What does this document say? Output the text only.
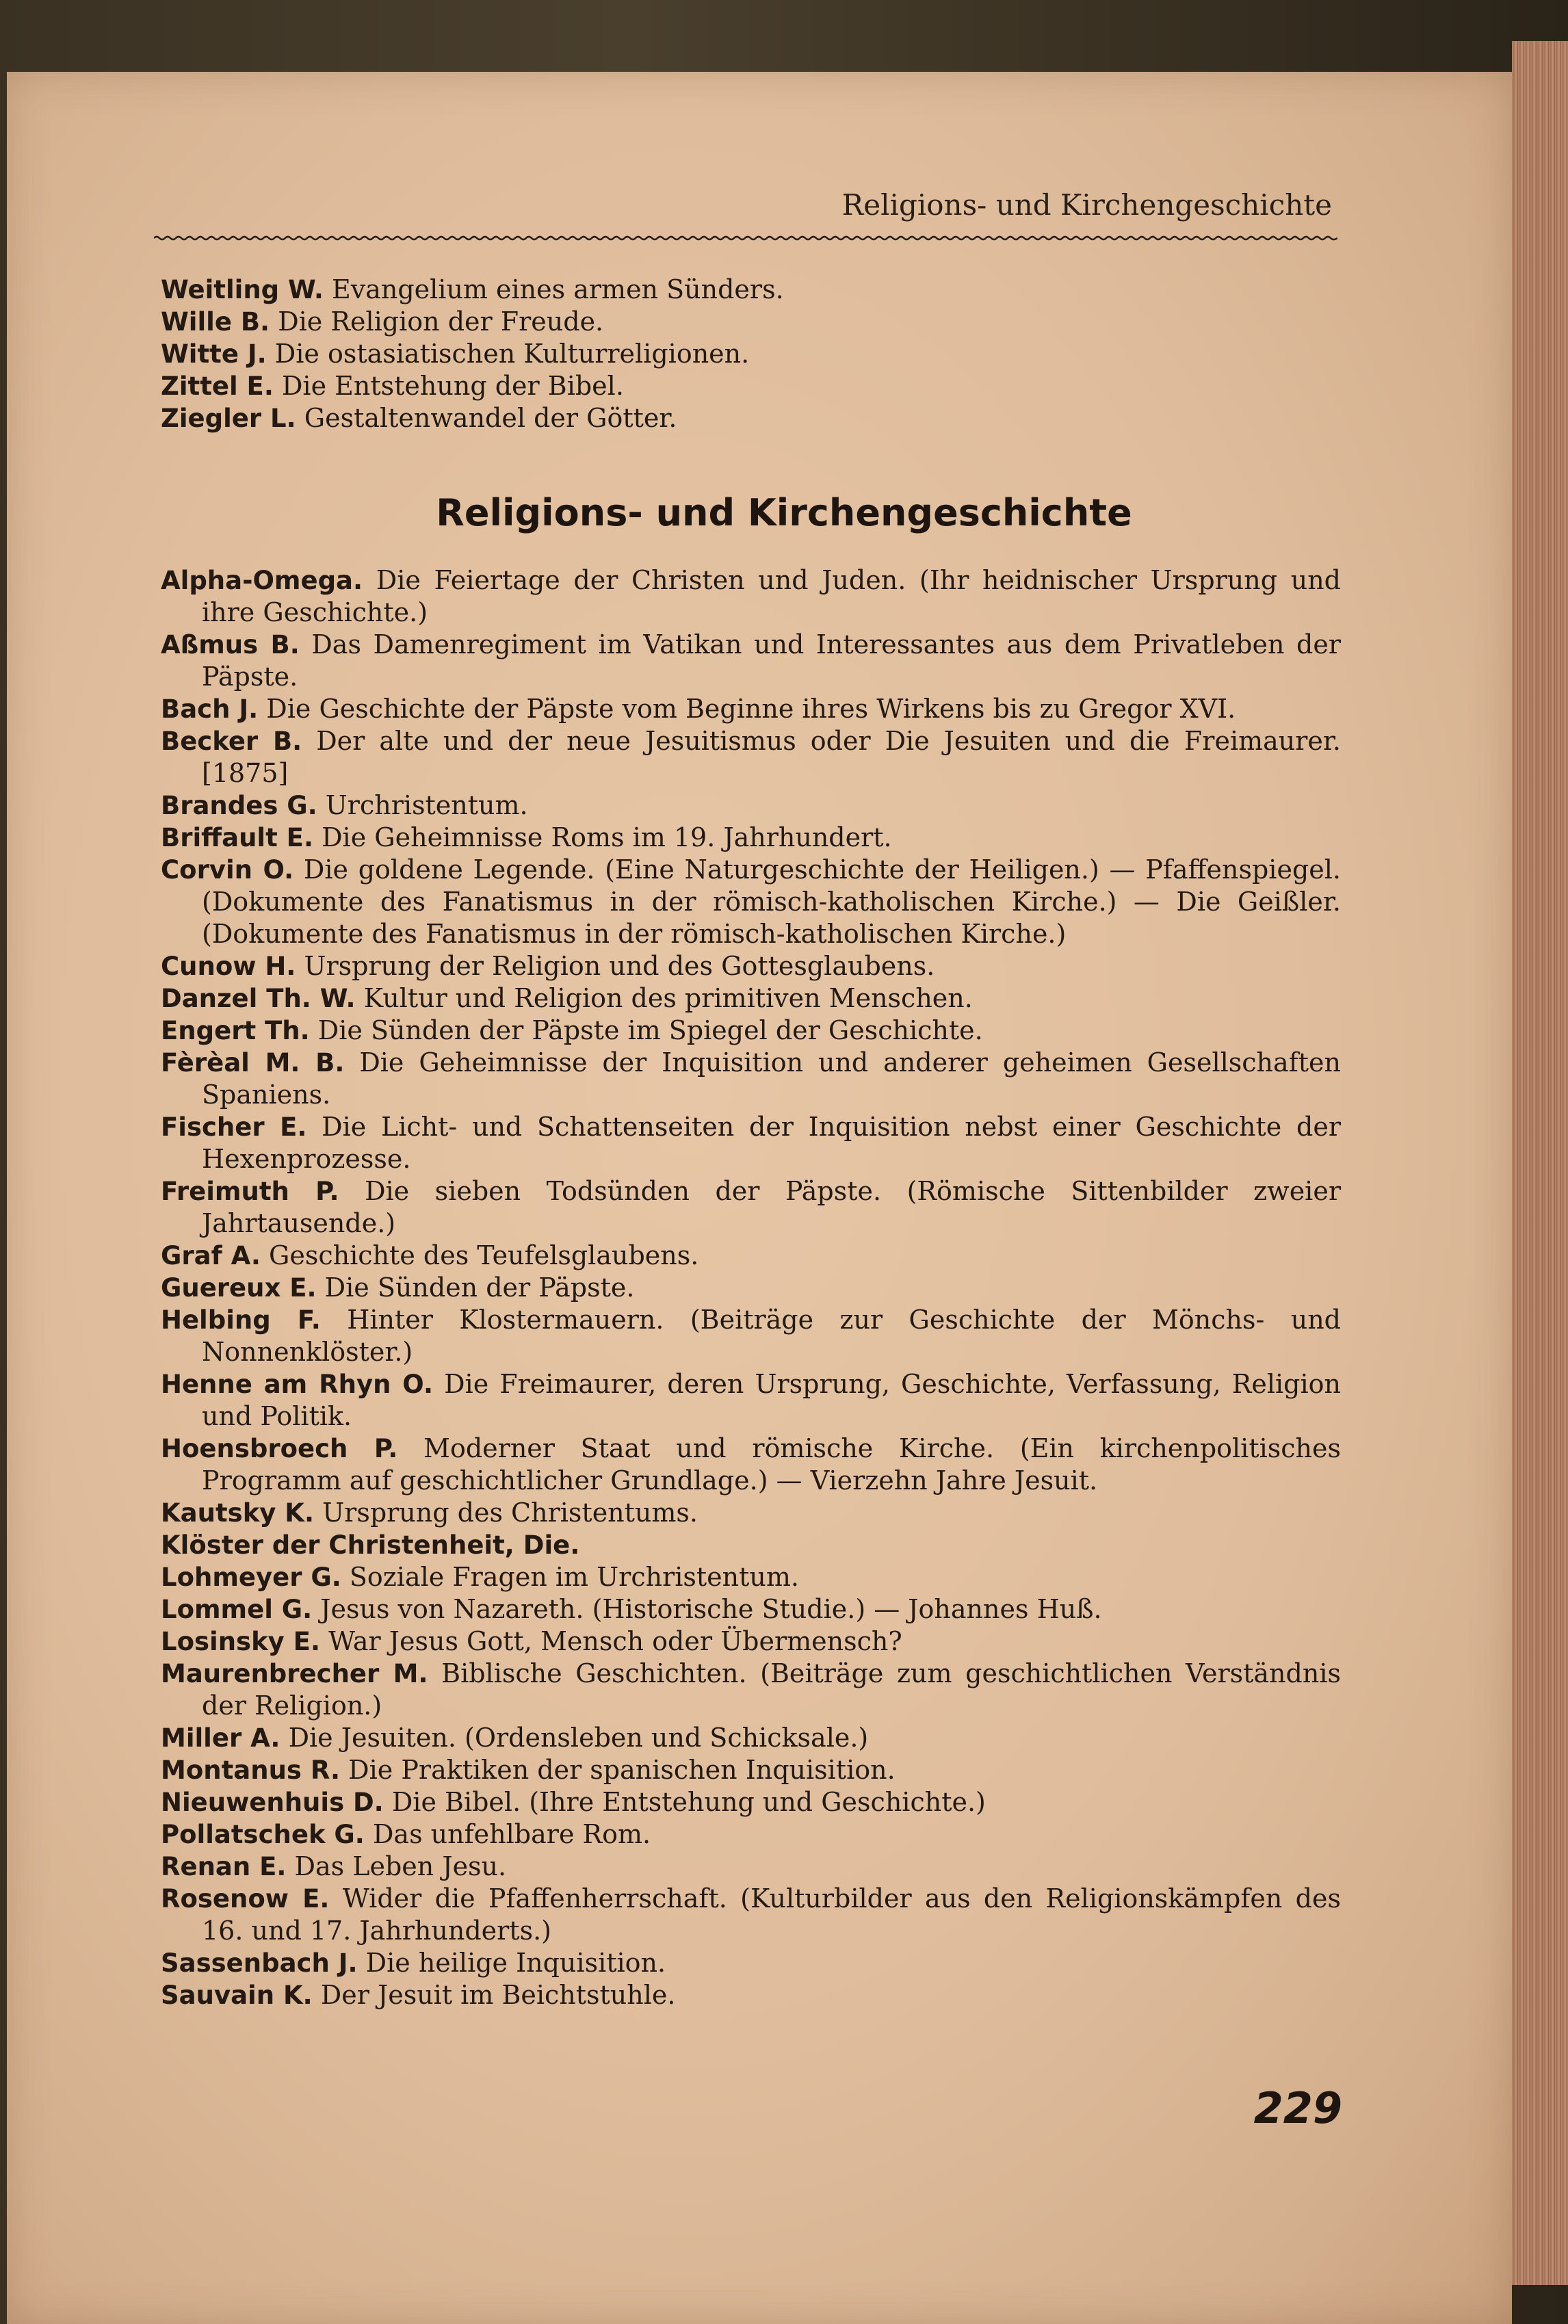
Religions- und Kirchengeschichte
Weitling W. Evangelium eines armen Sünders.
Wille B. Die Religion der Freude.
Witte J. Die ostasiatischen Kulturreligionen.
Zittel E. Die Entstehung der Bibel.
Ziegler L. Gestaltenwandel der Götter.
Religions- und Kirchengeschichte
Alpha-Omega. Die Feiertage der Christen und Juden. (Ihr heidnischer Ursprung und ihre Geschichte.)
Aßmus B. Das Damenregiment im Vatikan und Interessantes aus dem Privatleben der Päpste.
Bach J. Die Geschichte der Päpste vom Beginne ihres Wirkens bis zu Gregor XVI.
Becker B. Der alte und der neue Jesuitismus oder Die Jesuiten und die Freimaurer. [1875]
Brandes G. Urchristentum.
Briffault E. Die Geheimnisse Roms im 19. Jahrhundert.
Corvin O. Die goldene Legende. (Eine Naturgeschichte der Heiligen.) — Pfaffenspiegel. (Dokumente des Fanatismus in der römisch-katholischen Kirche.) — Die Geißler. (Dokumente des Fanatismus in der römisch-katholischen Kirche.)
Cunow H. Ursprung der Religion und des Gottesglaubens.
Danzel Th. W. Kultur und Religion des primitiven Menschen.
Engert Th. Die Sünden der Päpste im Spiegel der Geschichte.
Fèrèal M. B. Die Geheimnisse der Inquisition und anderer geheimen Gesellschaften Spaniens.
Fischer E. Die Licht- und Schattenseiten der Inquisition nebst einer Geschichte der Hexenprozesse.
Freimuth P. Die sieben Todsünden der Päpste. (Römische Sittenbilder zweier Jahrtausende.)
Graf A. Geschichte des Teufelsglaubens.
Guereux E. Die Sünden der Päpste.
Helbing F. Hinter Klostermauern. (Beiträge zur Geschichte der Mönchs- und Nonnenklöster.)
Henne am Rhyn O. Die Freimaurer, deren Ursprung, Geschichte, Verfassung, Religion und Politik.
Hoensbroech P. Moderner Staat und römische Kirche. (Ein kirchenpolitisches Programm auf geschichtlicher Grundlage.) — Vierzehn Jahre Jesuit.
Kautsky K. Ursprung des Christentums.
Klöster der Christenheit, Die.
Lohmeyer G. Soziale Fragen im Urchristentum.
Lommel G. Jesus von Nazareth. (Historische Studie.) — Johannes Huß.
Losinsky E. War Jesus Gott, Mensch oder Übermensch?
Maurenbrecher M. Biblische Geschichten. (Beiträge zum geschichtlichen Verständnis der Religion.)
Miller A. Die Jesuiten. (Ordensleben und Schicksale.)
Montanus R. Die Praktiken der spanischen Inquisition.
Nieuwenhuis D. Die Bibel. (Ihre Entstehung und Geschichte.)
Pollatschek G. Das unfehlbare Rom.
Renan E. Das Leben Jesu.
Rosenow E. Wider die Pfaffenherrschaft. (Kulturbilder aus den Religionskämpfen des 16. und 17. Jahrhunderts.)
Sassenbach J. Die heilige Inquisition.
Sauvain K. Der Jesuit im Beichtstuhle.
229
